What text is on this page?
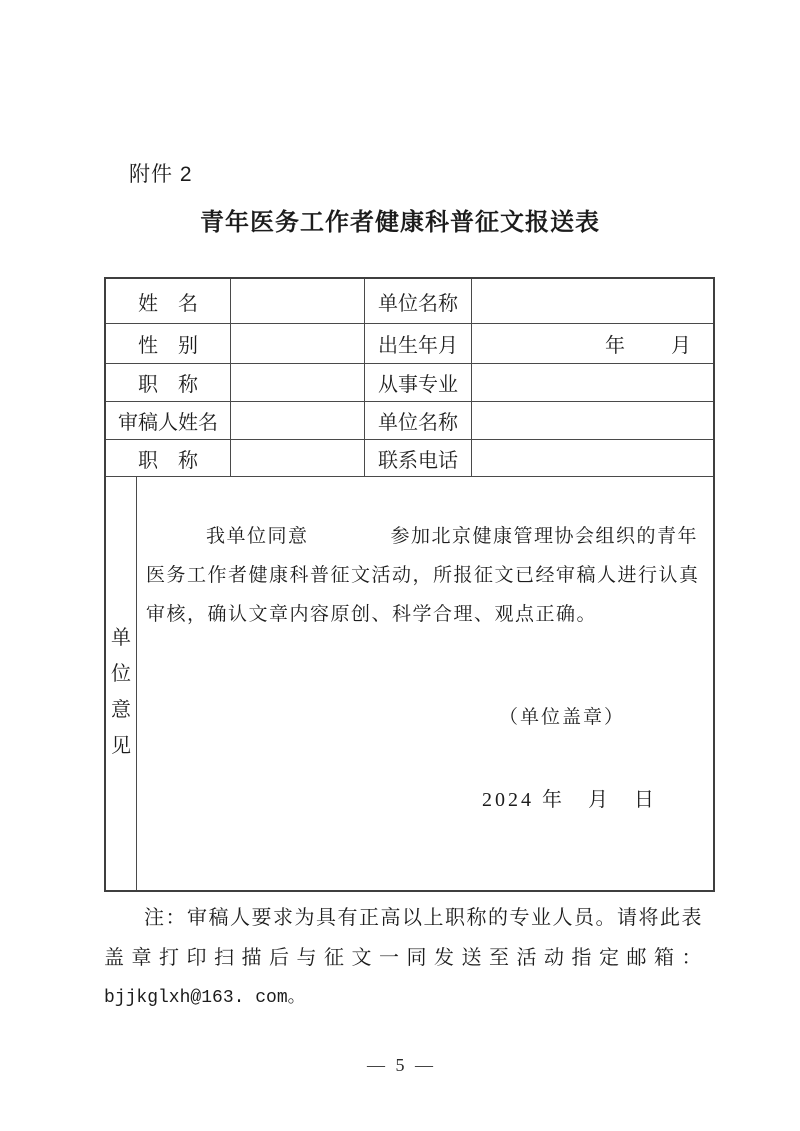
附件 2
青年医务工作者健康科普征文报送表
姓　名	单位名称
性　别	出生年月	年　　月
职　称	从事专业
审稿人姓名	单位名称
职　称	联系电话
单
位
意
见
我单位同意　　　　参加北京健康管理协会组织的青年医务工作者健康科普征文活动，所报征文已经审稿人进行认真审核，确认文章内容原创、科学合理、观点正确。
（单位盖章）
2024 年　月　日
注：审稿人要求为具有正高以上职称的专业人员。请将此表
盖章打印扫描后与征文一同发送至活动指定邮箱：
bjjkglxh@163. com。
— 5 —
